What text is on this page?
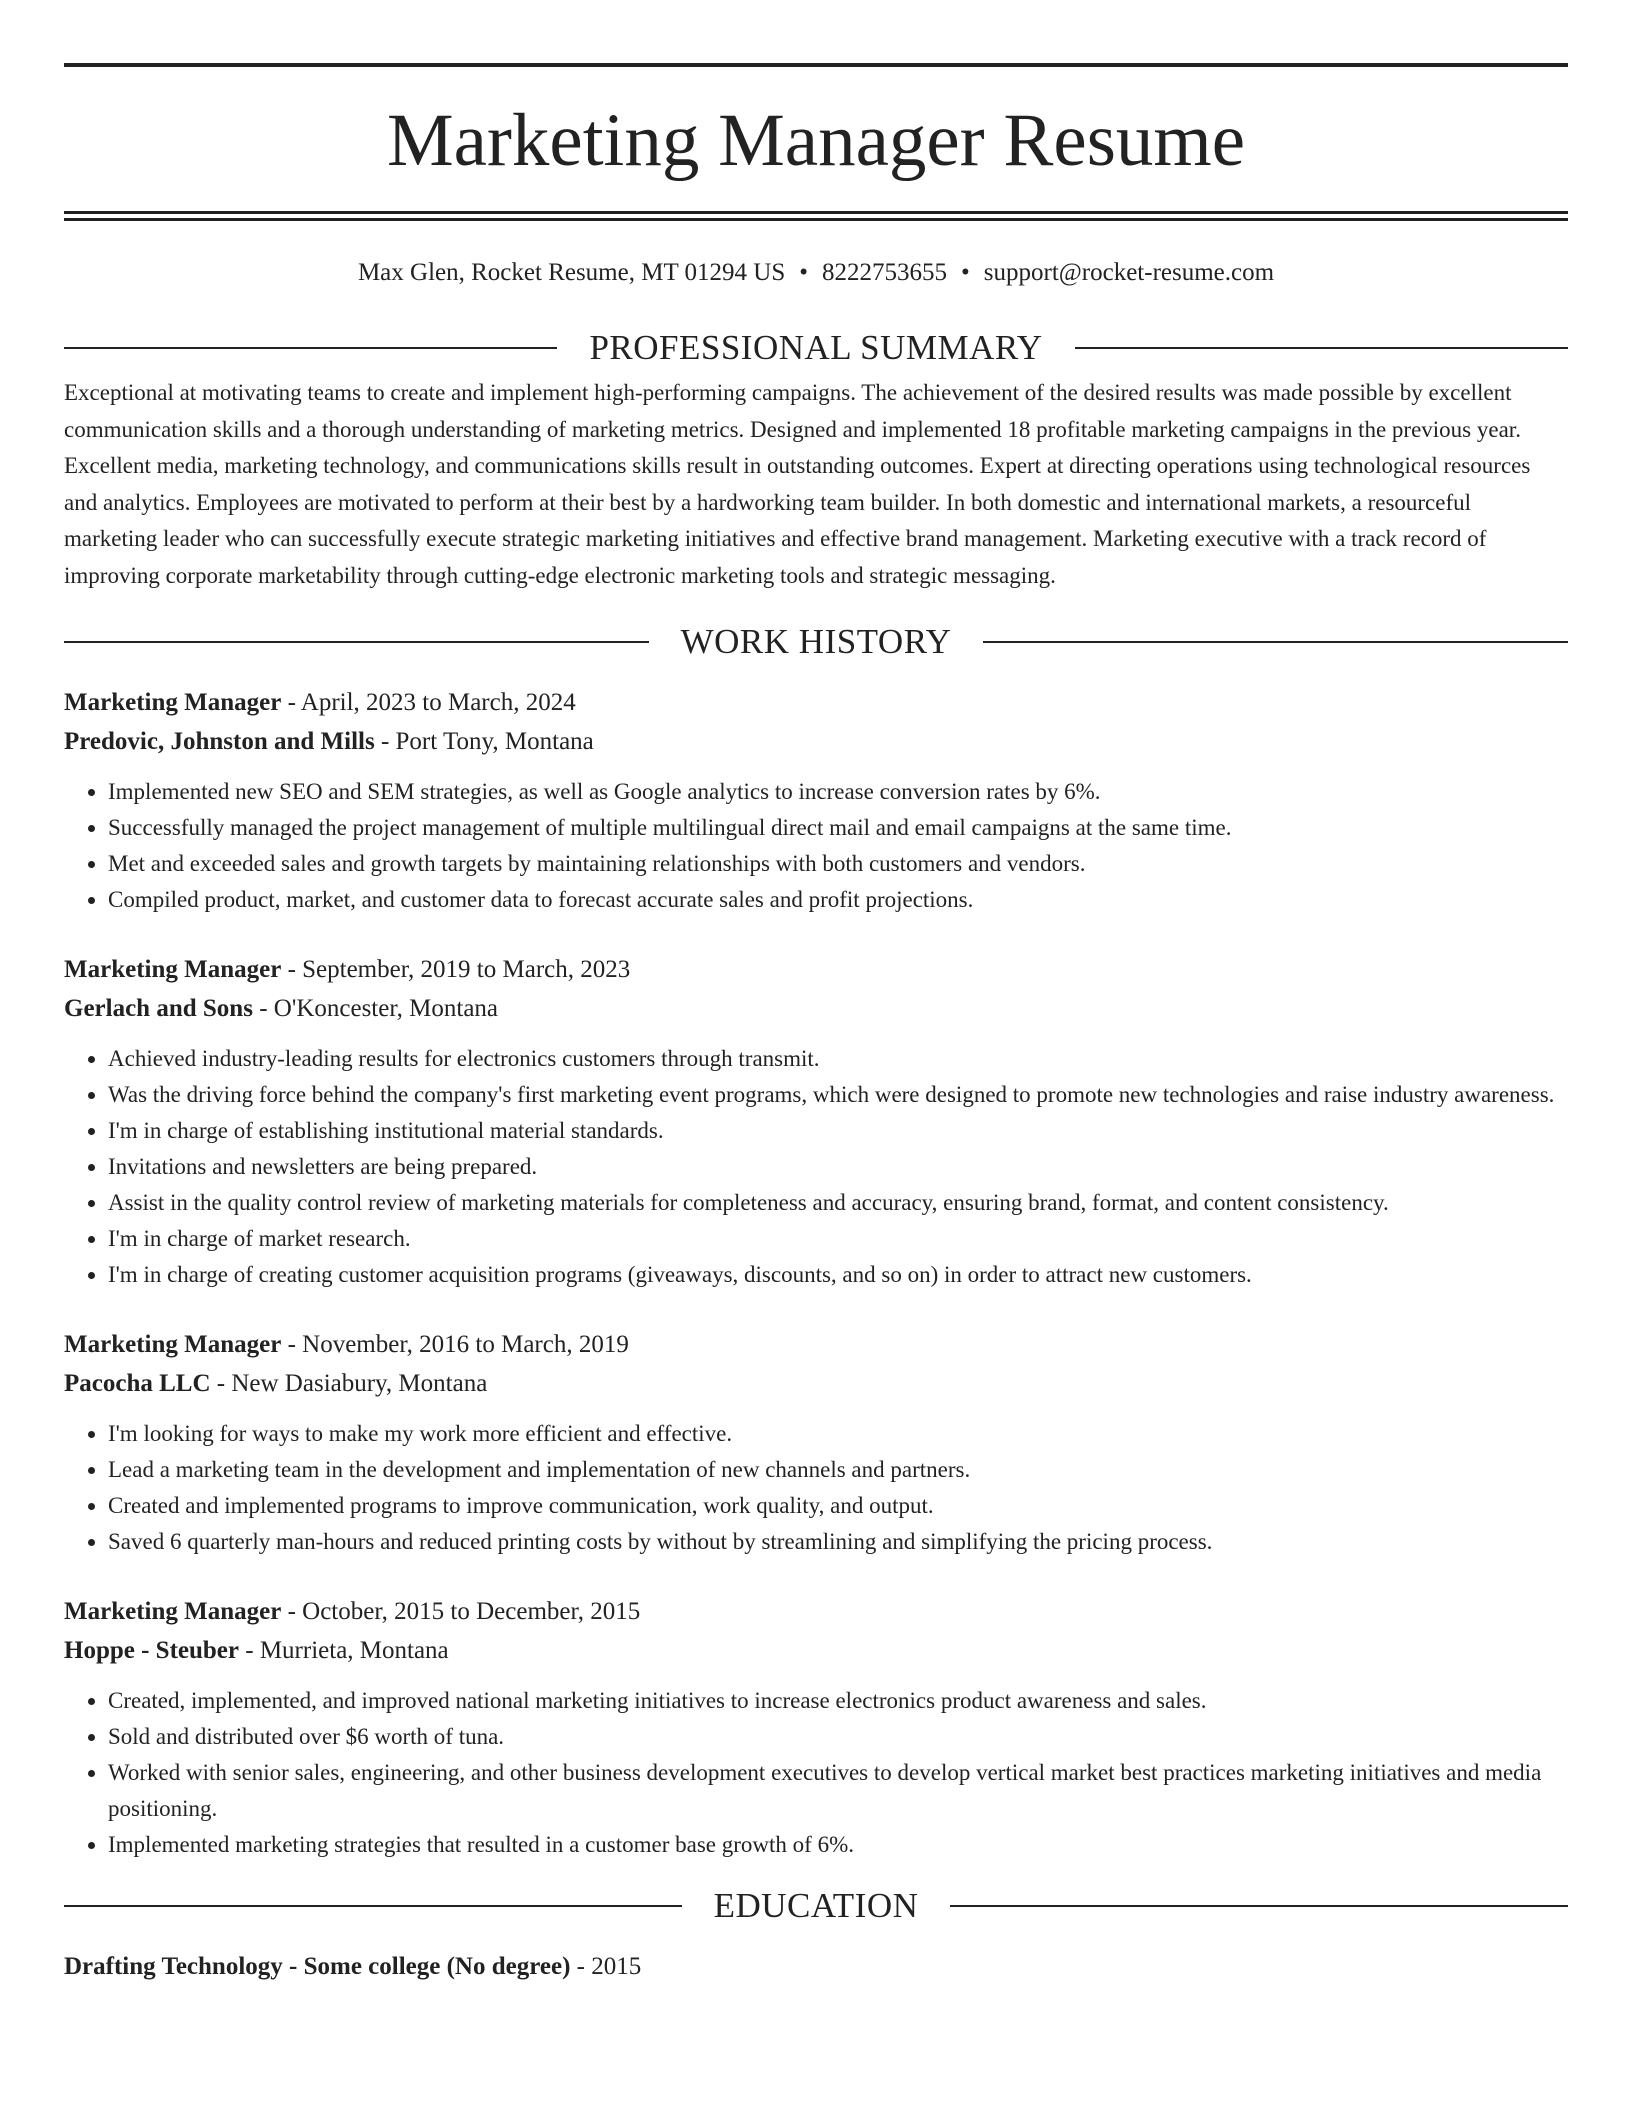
Marketing Manager Resume
Max Glen, Rocket Resume, MT 01294 US • 8222753655 • support@rocket-resume.com
PROFESSIONAL SUMMARY
Exceptional at motivating teams to create and implement high-performing campaigns. The achievement of the desired results was made possible by excellent communication skills and a thorough understanding of marketing metrics. Designed and implemented 18 profitable marketing campaigns in the previous year. Excellent media, marketing technology, and communications skills result in outstanding outcomes. Expert at directing operations using technological resources and analytics. Employees are motivated to perform at their best by a hardworking team builder. In both domestic and international markets, a resourceful marketing leader who can successfully execute strategic marketing initiatives and effective brand management. Marketing executive with a track record of improving corporate marketability through cutting-edge electronic marketing tools and strategic messaging.
WORK HISTORY
Marketing Manager - April, 2023 to March, 2024
Predovic, Johnston and Mills - Port Tony, Montana
• Implemented new SEO and SEM strategies, as well as Google analytics to increase conversion rates by 6%.
• Successfully managed the project management of multiple multilingual direct mail and email campaigns at the same time.
• Met and exceeded sales and growth targets by maintaining relationships with both customers and vendors.
• Compiled product, market, and customer data to forecast accurate sales and profit projections.
Marketing Manager - September, 2019 to March, 2023
Gerlach and Sons - O'Koncester, Montana
• Achieved industry-leading results for electronics customers through transmit.
• Was the driving force behind the company's first marketing event programs, which were designed to promote new technologies and raise industry awareness.
• I'm in charge of establishing institutional material standards.
• Invitations and newsletters are being prepared.
• Assist in the quality control review of marketing materials for completeness and accuracy, ensuring brand, format, and content consistency.
• I'm in charge of market research.
• I'm in charge of creating customer acquisition programs (giveaways, discounts, and so on) in order to attract new customers.
Marketing Manager - November, 2016 to March, 2019
Pacocha LLC - New Dasiabury, Montana
• I'm looking for ways to make my work more efficient and effective.
• Lead a marketing team in the development and implementation of new channels and partners.
• Created and implemented programs to improve communication, work quality, and output.
• Saved 6 quarterly man-hours and reduced printing costs by without by streamlining and simplifying the pricing process.
Marketing Manager - October, 2015 to December, 2015
Hoppe - Steuber - Murrieta, Montana
• Created, implemented, and improved national marketing initiatives to increase electronics product awareness and sales.
• Sold and distributed over $6 worth of tuna.
• Worked with senior sales, engineering, and other business development executives to develop vertical market best practices marketing initiatives and media positioning.
• Implemented marketing strategies that resulted in a customer base growth of 6%.
EDUCATION
Drafting Technology - Some college (No degree) - 2015
